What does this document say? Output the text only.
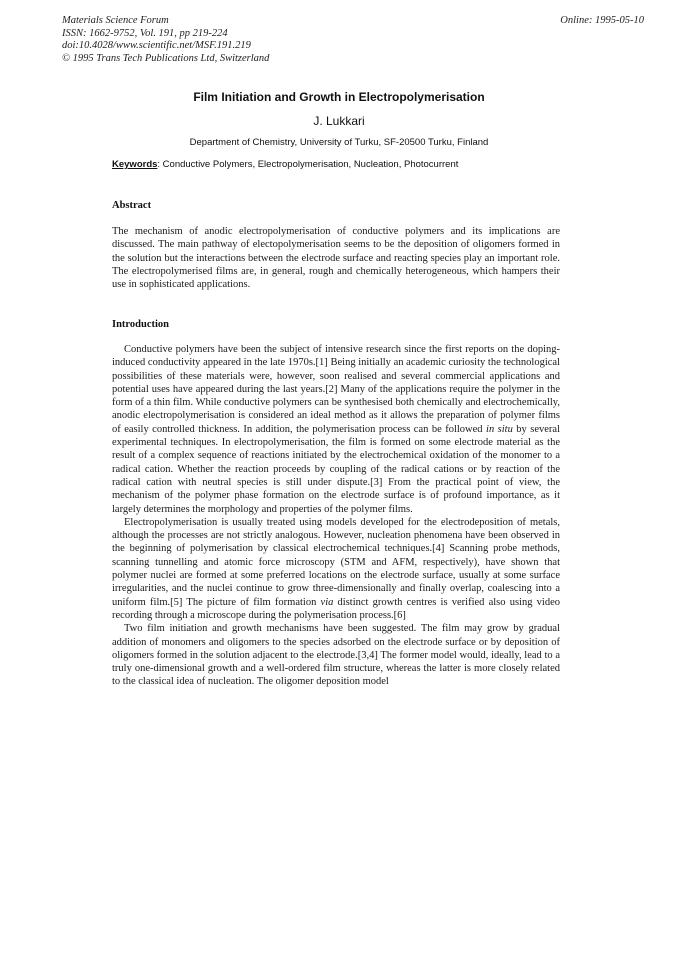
Materials Science Forum
ISSN: 1662-9752, Vol. 191, pp 219-224
doi:10.4028/www.scientific.net/MSF.191.219
© 1995 Trans Tech Publications Ltd, Switzerland
Online: 1995-05-10
Film Initiation and Growth in Electropolymerisation
J. Lukkari
Department of Chemistry, University of Turku, SF-20500 Turku, Finland
Keywords: Conductive Polymers, Electropolymerisation, Nucleation, Photocurrent
Abstract

The mechanism of anodic electropolymerisation of conductive polymers and its implications are discussed. The main pathway of electopolymerisation seems to be the deposition of oligomers formed in the solution but the interactions between the electrode surface and reacting species play an important role. The electropolymerised films are, in general, rough and chemically heterogeneous, which hampers their use in sophisticated applications.

Introduction

Conductive polymers have been the subject of intensive research since the first reports on the doping-induced conductivity appeared in the late 1970s.[1] Being initially an academic curiosity the technological possibilities of these materials were, however, soon realised and several commercial applications and potential uses have appeared during the last years.[2] Many of the applications require the polymer in the form of a thin film. While conductive polymers can be synthesised both chemically and electrochemically, anodic electropolymerisation is considered an ideal method as it allows the preparation of polymer films of easily controlled thickness. In addition, the polymerisation process can be followed in situ by several experimental techniques. In electropolymerisation, the film is formed on some electrode material as the result of a complex sequence of reactions initiated by the electrochemical oxidation of the monomer to a radical cation. Whether the reaction proceeds by coupling of the radical cations or by reaction of the radical cation with neutral species is still under dispute.[3] From the practical point of view, the mechanism of the polymer phase formation on the electrode surface is of profound importance, as it largely determines the morphology and properties of the polymer films.

Electropolymerisation is usually treated using models developed for the electrodeposition of metals, although the processes are not strictly analogous. However, nucleation phenomena have been observed in the beginning of polymerisation by classical electrochemical techniques.[4] Scanning probe methods, scanning tunnelling and atomic force microscopy (STM and AFM, respectively), have shown that polymer nuclei are formed at some preferred locations on the electrode surface, usually at some surface irregularities, and the nuclei continue to grow three-dimensionally and finally overlap, coalescing into a uniform film.[5] The picture of film formation via distinct growth centres is verified also using video recording through a microscope during the polymerisation process.[6]

Two film initiation and growth mechanisms have been suggested. The film may grow by gradual addition of monomers and oligomers to the species adsorbed on the electrode surface or by deposition of oligomers formed in the solution adjacent to the electrode.[3,4] The former model would, ideally, lead to a truly one-dimensional growth and a well-ordered film structure, whereas the latter is more closely related to the classical idea of nucleation. The oligomer deposition model
